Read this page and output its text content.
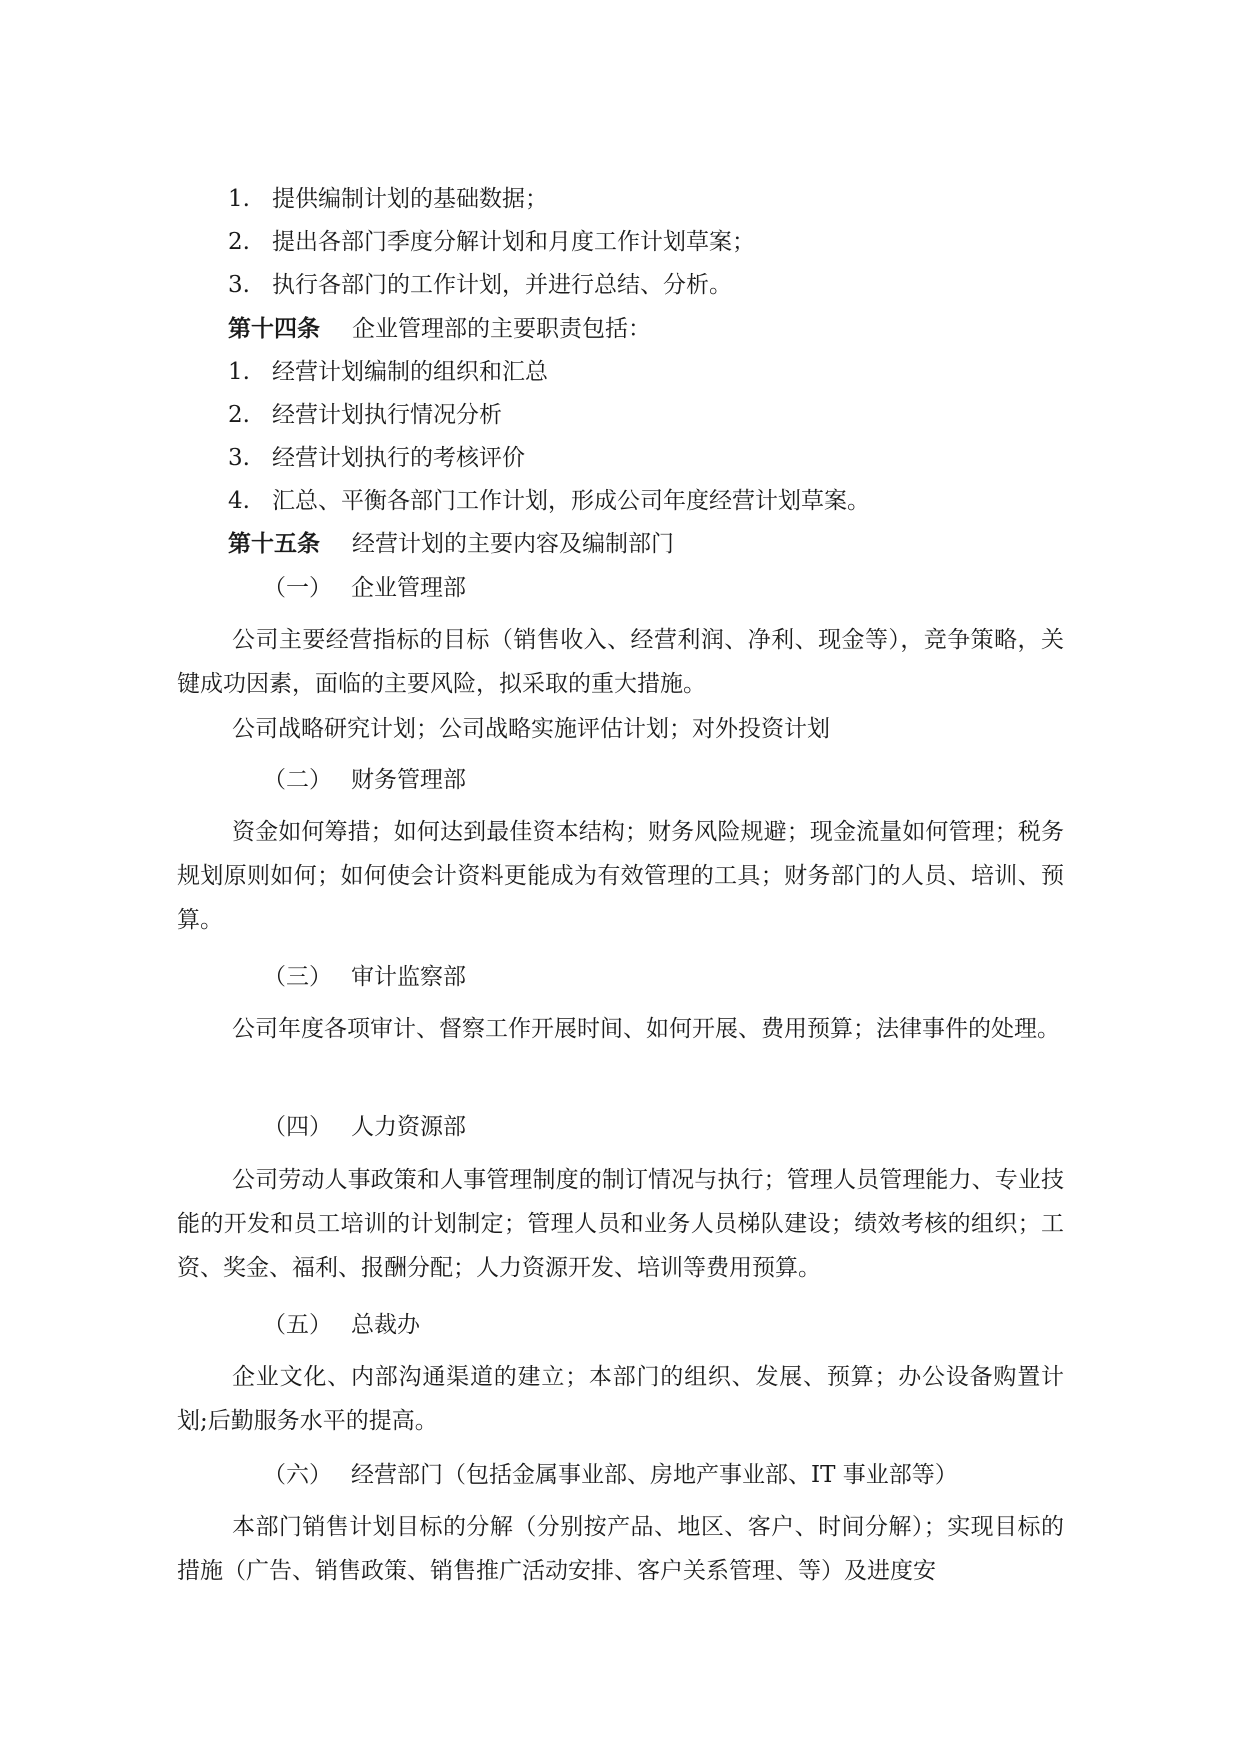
1. 提供编制计划的基础数据；
2. 提出各部门季度分解计划和月度工作计划草案；
3. 执行各部门的工作计划，并进行总结、分析。
第十四条 企业管理部的主要职责包括：
1. 经营计划编制的组织和汇总
2. 经营计划执行情况分析
3. 经营计划执行的考核评价
4. 汇总、平衡各部门工作计划，形成公司年度经营计划草案。
第十五条 经营计划的主要内容及编制部门
（一） 企业管理部
公司主要经营指标的目标（销售收入、经营利润、净利、现金等），竞争策略，关键成功因素，面临的主要风险，拟采取的重大措施。
公司战略研究计划；公司战略实施评估计划；对外投资计划
（二） 财务管理部
资金如何筹措；如何达到最佳资本结构；财务风险规避；现金流量如何管理；税务规划原则如何；如何使会计资料更能成为有效管理的工具；财务部门的人员、培训、预算。
（三） 审计监察部
公司年度各项审计、督察工作开展时间、如何开展、费用预算；法律事件的处理。
（四） 人力资源部
公司劳动人事政策和人事管理制度的制订情况与执行；管理人员管理能力、专业技能的开发和员工培训的计划制定；管理人员和业务人员梯队建设；绩效考核的组织；工资、奖金、福利、报酬分配；人力资源开发、培训等费用预算。
（五） 总裁办
企业文化、内部沟通渠道的建立；本部门的组织、发展、预算；办公设备购置计划;后勤服务水平的提高。
（六） 经营部门（包括金属事业部、房地产事业部、IT 事业部等）
本部门销售计划目标的分解（分别按产品、地区、客户、时间分解）；实现目标的措施（广告、销售政策、销售推广活动安排、客户关系管理、等）及进度安
